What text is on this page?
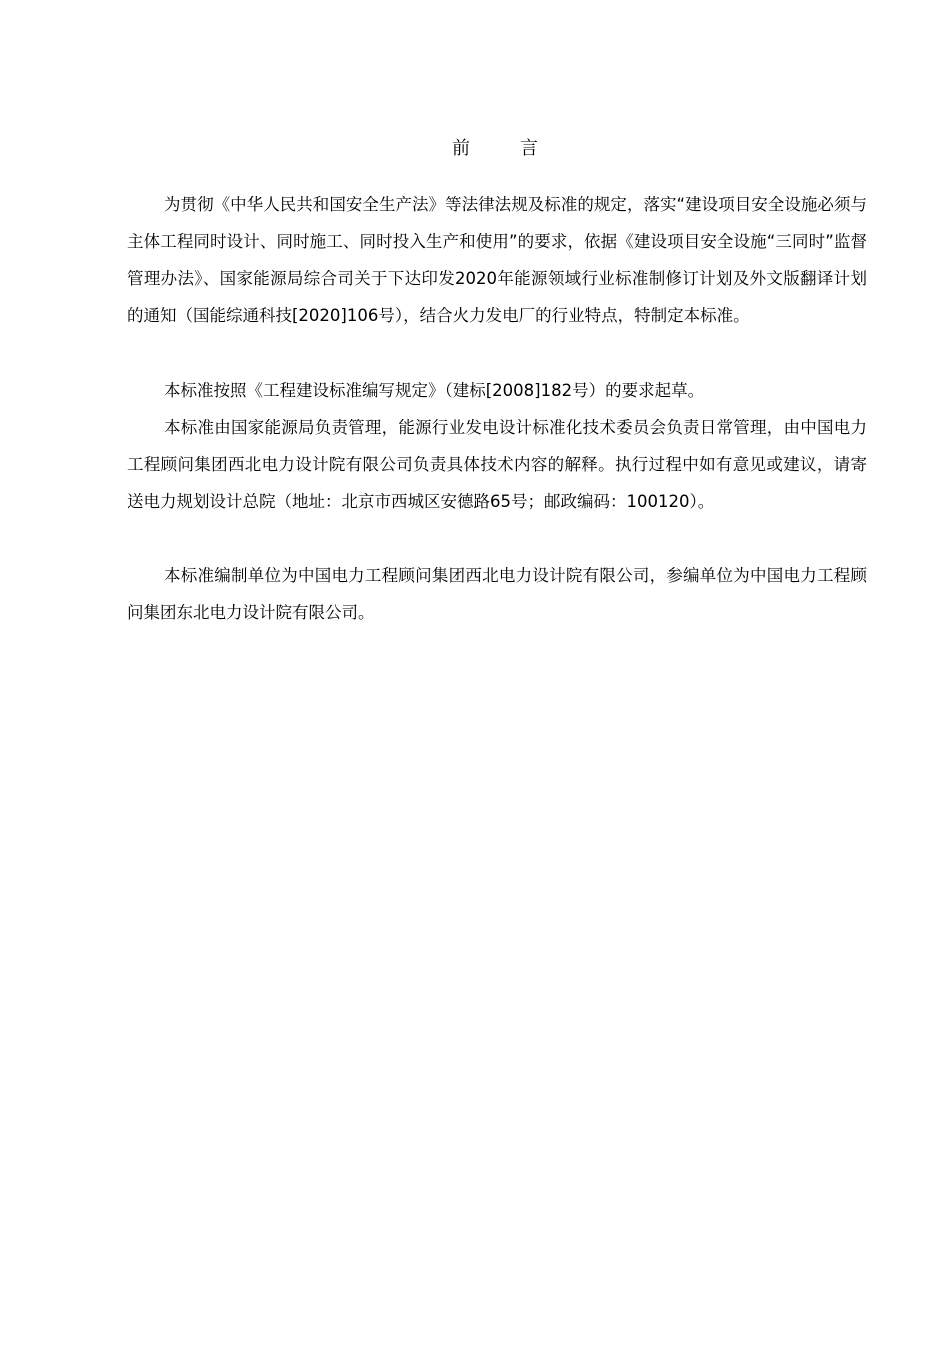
前	言

为贯彻《中华人民共和国安全生产法》等法律法规及标准的规定，落实“建设项目安全设施必须与主体工程同时设计、同时施工、同时投入生产和使用”的要求，依据《建设项目安全设施“三同时”监督管理办法》、国家能源局综合司关于下达印发2020年能源领域行业标准制修订计划及外文版翻译计划的通知（国能综通科技[2020]106号），结合火力发电厂的行业特点，特制定本标准。

本标准按照《工程建设标准编写规定》（建标[2008]182号）的要求起草。

本标准由国家能源局负责管理，能源行业发电设计标准化技术委员会负责日常管理，由中国电力工程顾问集团西北电力设计院有限公司负责具体技术内容的解释。执行过程中如有意见或建议，请寄送电力规划设计总院（地址：北京市西城区安德路65号；邮政编码：100120）。

本标准编制单位为中国电力工程顾问集团西北电力设计院有限公司，参编单位为中国电力工程顾问集团东北电力设计院有限公司。
